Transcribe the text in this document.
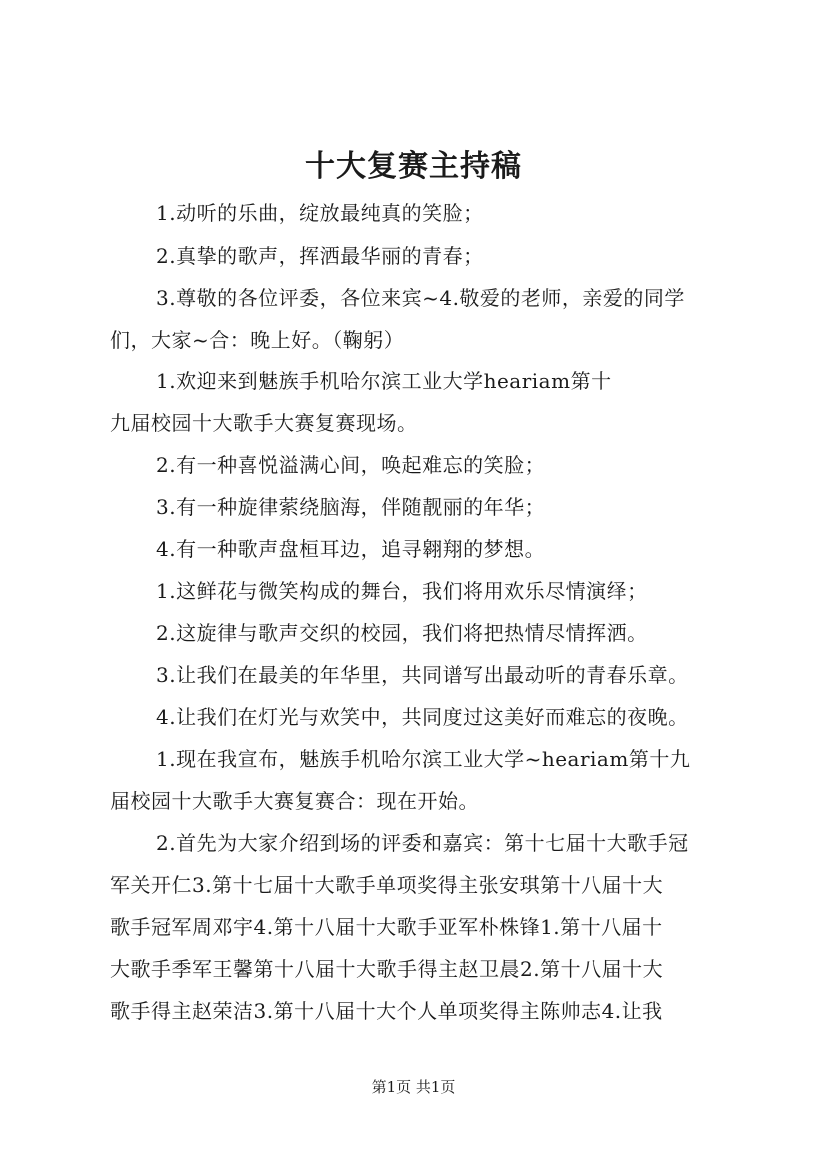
十大复赛主持稿
1.动听的乐曲，绽放最纯真的笑脸；
2.真挚的歌声，挥洒最华丽的青春；
3.尊敬的各位评委，各位来宾~4.敬爱的老师，亲爱的同学
们，大家~合：晚上好。（鞠躬）
1.欢迎来到魅族手机哈尔滨工业大学heariam第十
九届校园十大歌手大赛复赛现场。
2.有一种喜悦溢满心间，唤起难忘的笑脸；
3.有一种旋律萦绕脑海，伴随靓丽的年华；
4.有一种歌声盘桓耳边，追寻翱翔的梦想。
1.这鲜花与微笑构成的舞台，我们将用欢乐尽情演绎；
2.这旋律与歌声交织的校园，我们将把热情尽情挥洒。
3.让我们在最美的年华里，共同谱写出最动听的青春乐章。
4.让我们在灯光与欢笑中，共同度过这美好而难忘的夜晚。
1.现在我宣布，魅族手机哈尔滨工业大学~heariam第十九
届校园十大歌手大赛复赛合：现在开始。
2.首先为大家介绍到场的评委和嘉宾：第十七届十大歌手冠
军关开仁3.第十七届十大歌手单项奖得主张安琪第十八届十大
歌手冠军周邓宇4.第十八届十大歌手亚军朴株锋1.第十八届十
大歌手季军王馨第十八届十大歌手得主赵卫晨2.第十八届十大
歌手得主赵荣洁3.第十八届十大个人单项奖得主陈帅志4.让我
第1页 共1页
